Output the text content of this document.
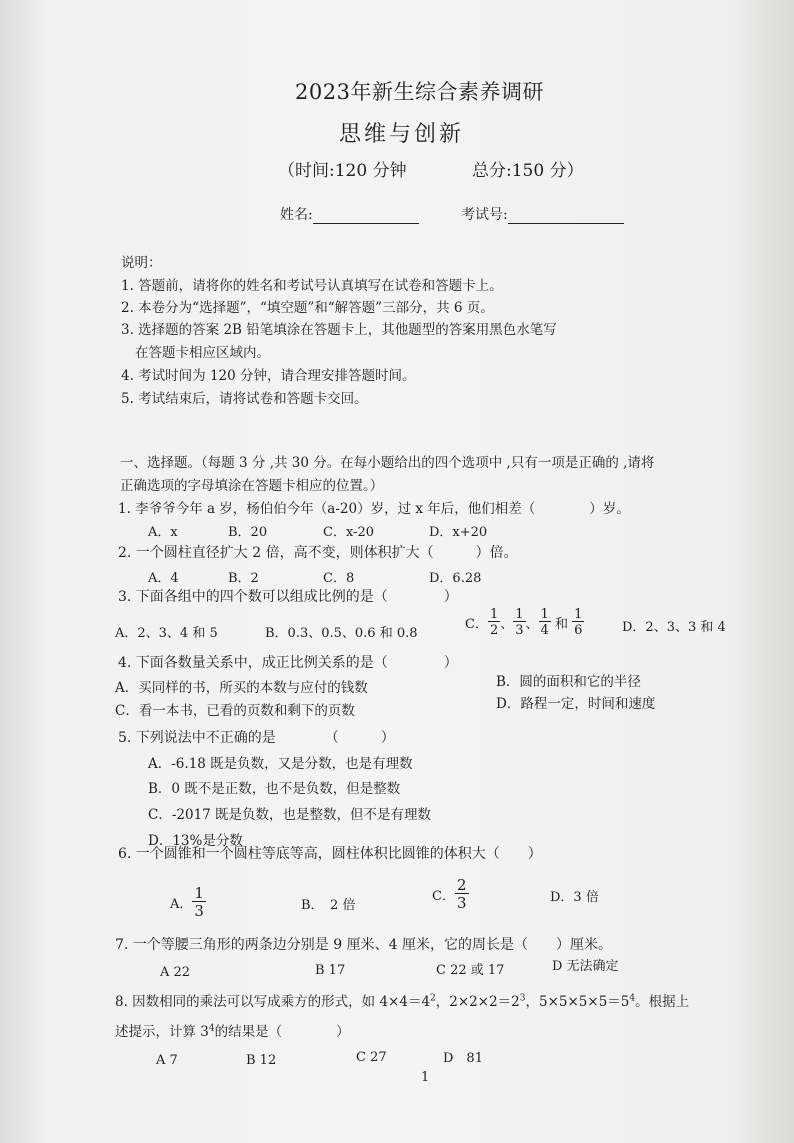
2023年新生综合素养调研
思维与创新
（时间:120 分钟	总分:150 分）
姓名:	考试号:
说明：
1. 答题前，请将你的姓名和考试号认真填写在试卷和答题卡上。
2. 本卷分为“选择题”，“填空题”和“解答题”三部分，共 6 页。
3. 选择题的答案 2B 铅笔填涂在答题卡上，其他题型的答案用黑色水笔写
在答题卡相应区域内。
4. 考试时间为 120 分钟，请合理安排答题时间。
5. 考试结束后，请将试卷和答题卡交回。
一、选择题。（每题 3 分 ,共 30 分。在每小题给出的四个选项中 ,只有一项是正确的 ,请将
正确选项的字母填涂在答题卡相应的位置。）
1. 李爷爷今年 a 岁，杨伯伯今年（a-20）岁，过 x 年后，他们相差（　　　　）岁。
A．x	B．20	C．x-20	D．x+20
2. 一个圆柱直径扩大 2 倍，高不变，则体积扩大（　　　）倍。
A．4	B．2	C．8	D．6.28
3. 下面各组中的四个数可以组成比例的是（　　　　）
A．2、3、4 和 5	B．0.3、0.5、0.6 和 0.8
C． $\frac{1}{2}$ 、 $\frac{1}{3}$ 、 $\frac{1}{4}$ 和 $\frac{1}{6}$	D．2、3、3 和 4
4. 下面各数量关系中，成正比例关系的是（　　　　）
A．买同样的书，所买的本数与应付的钱数	B．圆的面积和它的半径
C．看一本书，已看的页数和剩下的页数	D．路程一定，时间和速度
5. 下列说法中不正确的是　　　　（　　　）
A．-6.18 既是负数，又是分数，也是有理数
B．0 既不是正数，也不是负数，但是整数
C．-2017 既是负数，也是整数，但不是有理数
D．13%是分数
6. 一个圆锥和一个圆柱等底等高，圆柱体积比圆锥的体积大（　　）
A． $\frac{1}{3}$	B．　2 倍
C． $\frac{2}{3}$	D．3 倍
7. 一个等腰三角形的两条边分别是 9 厘米、4 厘米，它的周长是（　　）厘米。
A 22	B 17	C 22 或 17	D 无法确定
8. 因数相同的乘法可以写成乘方的形式，如 $4\times 4=4^2$，$2\times 2\times 2=2^3$，$5\times 5\times 5\times 5=5^4$。根据上
述提示，计算 $3^4$的结果是（　　　　）
A 7	B 12	C 27	D　81
1
